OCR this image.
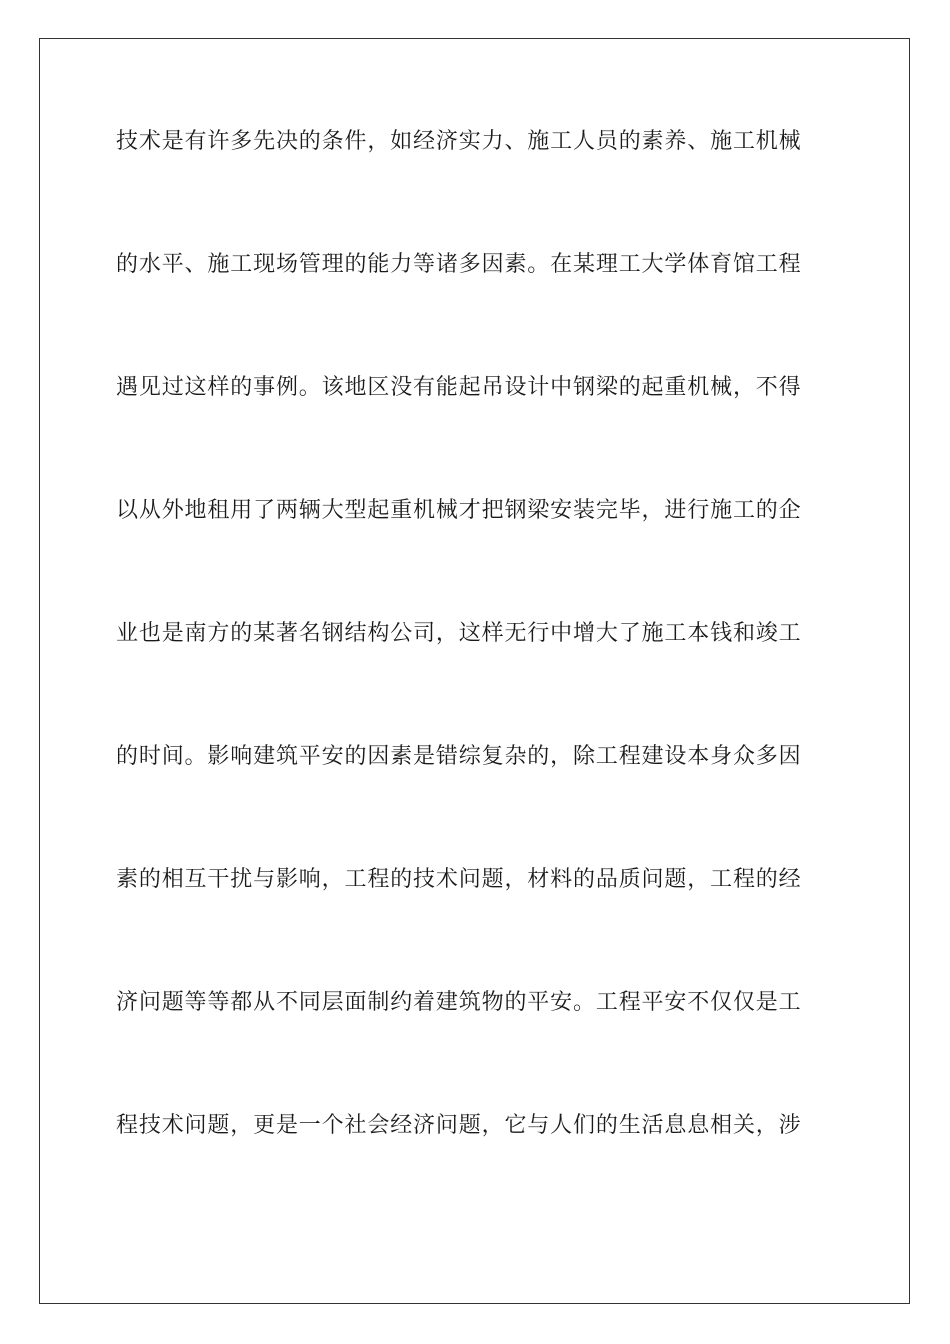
技术是有许多先决的条件，如经济实力、施工人员的素养、施工机械
的水平、施工现场管理的能力等诸多因素。在某理工大学体育馆工程
遇见过这样的事例。该地区没有能起吊设计中钢梁的起重机械，不得
以从外地租用了两辆大型起重机械才把钢梁安装完毕，进行施工的企
业也是南方的某著名钢结构公司，这样无行中增大了施工本钱和竣工
的时间。影响建筑平安的因素是错综复杂的，除工程建设本身众多因
素的相互干扰与影响，工程的技术问题，材料的品质问题，工程的经
济问题等等都从不同层面制约着建筑物的平安。工程平安不仅仅是工
程技术问题，更是一个社会经济问题，它与人们的生活息息相关，涉
